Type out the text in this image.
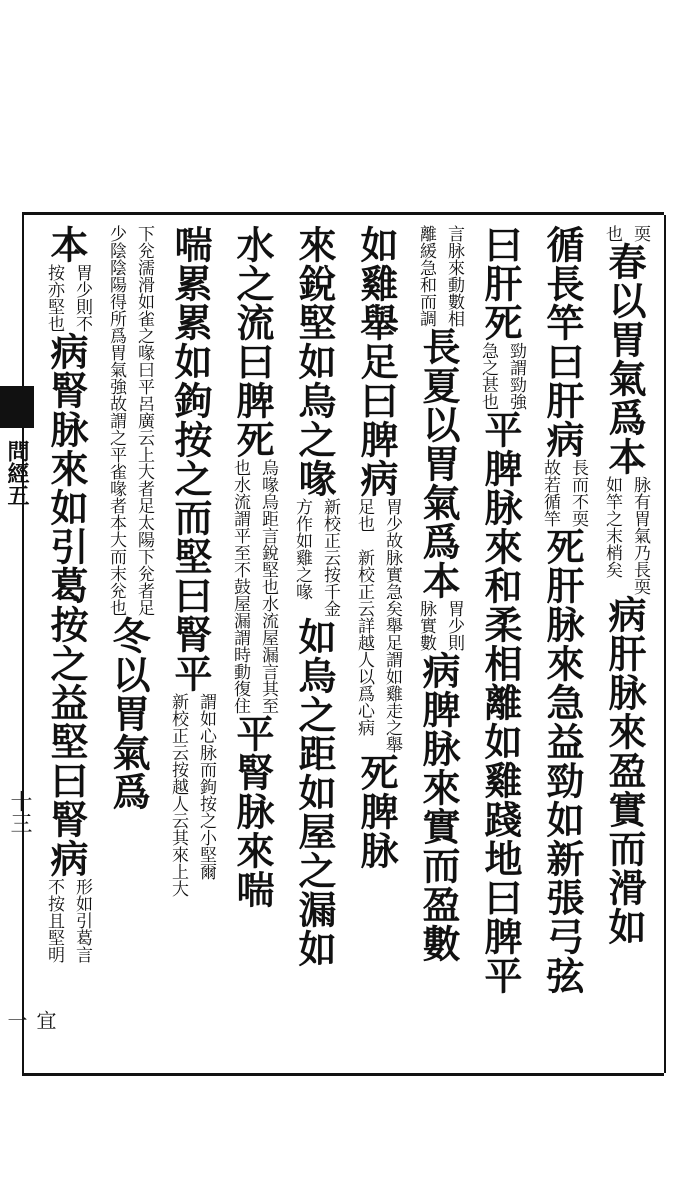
問經五
十三
宜一
耎
也
春以胃氣爲本
脉有胃氣乃長耎
如竿之末梢矣
病肝脉來盈實而滑如
循長竿曰肝病
長而不耎
故若循竿
死肝脉來急益勁如新張弓弦
曰肝死
勁謂勁強
急之甚也
平脾脉來和柔相離如雞踐地曰脾平
言脉來動數相
離緩急和而調
長夏以胃氣爲本
胃少則
脉實數
病脾脉來實而盈數
如雞舉足曰脾病
胃少故脉實急矣舉足謂如雞走之舉
足也　新校正云詳越人以爲心病
死脾脉
來銳堅如烏之喙
新校正云按千金
方作如雞之喙
如烏之距如屋之漏如
水之流曰脾死
烏喙烏距言銳堅也水流屋漏言其至
也水流謂平至不鼓屋漏謂時動復住
平腎脉來喘
喘累累如鉤按之而堅曰腎平
謂如心脉而鉤按之小堅爾
新校正云按越人云其來上大
下兊濡滑如雀之喙曰平呂廣云上大者足太陽下兊者足
少陰陰陽得所爲胃氣強故謂之平雀喙者本大而末兊也
冬以胃氣爲
本
胃少則不
按亦堅也
病腎脉來如引葛按之益堅曰腎病
形如引葛言
不按且堅明
